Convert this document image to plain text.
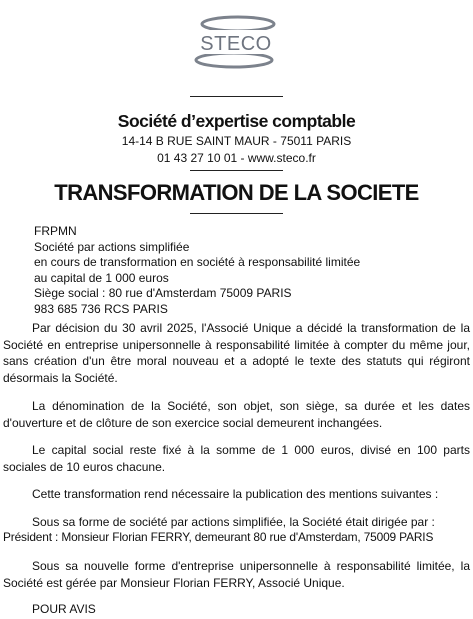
STECO
Société d’expertise comptable
14-14 B RUE SAINT MAUR - 75011 PARIS
01 43 27 10 01 - www.steco.fr
TRANSFORMATION DE LA SOCIETE
FRPMN
Société par actions simplifiée
en cours de transformation en société à responsabilité limitée
au capital de 1 000 euros
Siège social : 80 rue d'Amsterdam 75009 PARIS
983 685 736 RCS PARIS

Par décision du 30 avril 2025, l'Associé Unique a décidé la transformation de la Société en entreprise unipersonnelle à responsabilité limitée à compter du même jour, sans création d'un être moral nouveau et a adopté le texte des statuts qui régiront désormais la Société.

La dénomination de la Société, son objet, son siège, sa durée et les dates d'ouverture et de clôture de son exercice social demeurent inchangées.

Le capital social reste fixé à la somme de 1 000 euros, divisé en 100 parts sociales de 10 euros chacune.

Cette transformation rend nécessaire la publication des mentions suivantes :
Sous sa forme de société par actions simplifiée, la Société était dirigée par :
Président : Monsieur Florian FERRY, demeurant 80 rue d'Amsterdam, 75009 PARIS

Sous sa nouvelle forme d'entreprise unipersonnelle à responsabilité limitée, la Société est gérée par Monsieur Florian FERRY, Associé Unique.

POUR AVIS
